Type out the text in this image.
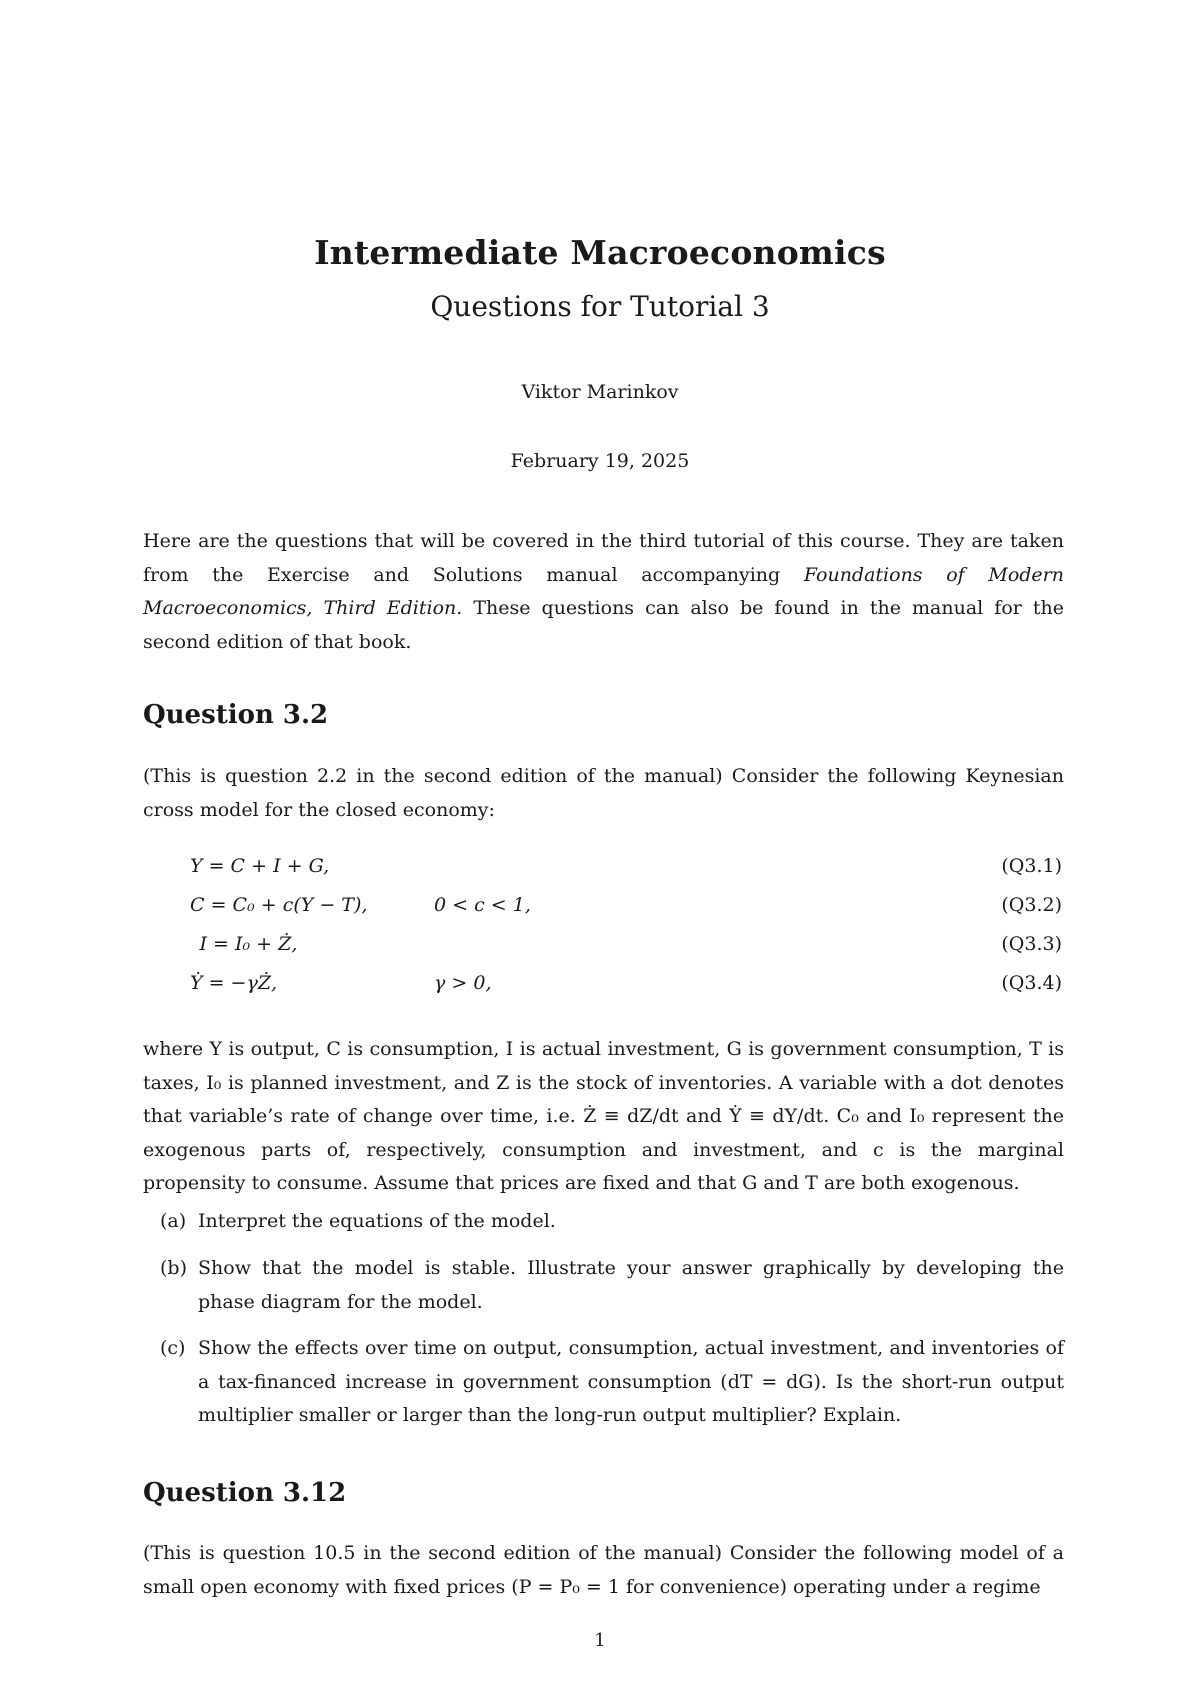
Intermediate Macroeconomics
Questions for Tutorial 3
Viktor Marinkov
February 19, 2025
Here are the questions that will be covered in the third tutorial of this course. They are taken from the Exercise and Solutions manual accompanying Foundations of Modern Macroeconomics, Third Edition. These questions can also be found in the manual for the second edition of that book.
Question 3.2
(This is question 2.2 in the second edition of the manual) Consider the following Keynesian cross model for the closed economy:
Y = C + I + G,	(Q3.1)
C = C₀ + c(Y − T),	0 < c < 1,	(Q3.2)
 I = I₀ + Ż,	(Q3.3)
Ẏ = −γŻ,	γ > 0,	(Q3.4)
where Y is output, C is consumption, I is actual investment, G is government consumption, T is taxes, I₀ is planned investment, and Z is the stock of inventories. A variable with a dot denotes that variable’s rate of change over time, i.e. Ż ≡ dZ/dt and Ẏ ≡ dY/dt. C₀ and I₀ represent the exogenous parts of, respectively, consumption and investment, and c is the marginal propensity to consume. Assume that prices are fixed and that G and T are both exogenous.
(a) Interpret the equations of the model.
(b) Show that the model is stable. Illustrate your answer graphically by developing the phase diagram for the model.
(c) Show the effects over time on output, consumption, actual investment, and inventories of a tax-financed increase in government consumption (dT = dG). Is the short-run output multiplier smaller or larger than the long-run output multiplier? Explain.
Question 3.12
(This is question 10.5 in the second edition of the manual) Consider the following model of a small open economy with fixed prices (P = P₀ = 1 for convenience) operating under a regime
1
